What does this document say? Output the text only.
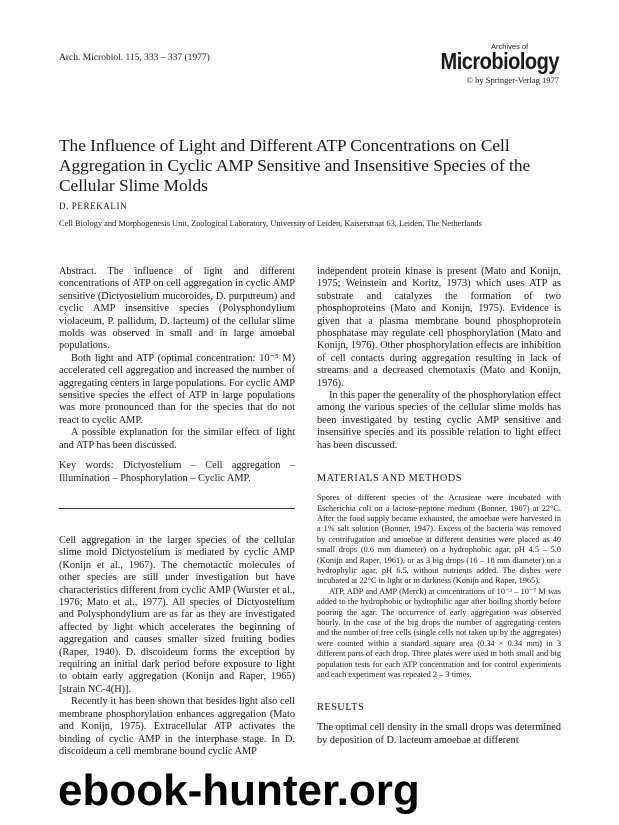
Arch. Microbiol. 115, 333 – 337 (1977)
Archives of
Microbiology
© by Springer-Verlag 1977
The Influence of Light and Different ATP Concentrations on Cell Aggregation in Cyclic AMP Sensitive and Insensitive Species of the Cellular Slime Molds
D. PEREKALIN
Cell Biology and Morphogenesis Unit, Zoological Laboratory, University of Leiden, Kaiserstraat 63, Leiden, The Netherlands

Abstract. The influence of light and different concentrations of ATP on cell aggregation in cyclic AMP sensitive (Dictyostelium mucoroides, D. purpureum) and cyclic AMP insensitive species (Polysphondylium violaceum, P. pallidum, D. lacteum) of the cellular slime molds was observed in small and in large amoebal populations.

Both light and ATP (optimal concentration: 10⁻⁵ M) accelerated cell aggregation and increased the number of aggregating centers in large populations. For cyclic AMP sensitive species the effect of ATP in large populations was more pronounced than for the species that do not react to cyclic AMP.

A possible explanation for the similar effect of light and ATP has been discussed.

Key words: Dictyostelium – Cell aggregation – Illumination – Phosphorylation – Cyclic AMP.

Cell aggregation in the larger species of the cellular slime mold Dictyostelium is mediated by cyclic AMP (Konijn et al., 1967). The chemotactic molecules of other species are still under investigation but have characteristics different from cyclic AMP (Wurster et al., 1976; Mato et al., 1977). All species of Dictyostelium and Polysphondylium are as far as they are investigated affected by light which accelerates the beginning of aggregation and causes smaller sized fruiting bodies (Raper, 1940). D. discoideum forms the exception by requiring an initial dark period before exposure to light to obtain early aggregation (Konijn and Raper, 1965) [strain NC-4(H)].

Recently it has been shown that besides light also cell membrane phosphorylation enhances aggregation (Mato and Konijn, 1975). Extracellular ATP activates the binding of cyclic AMP in the interphase stage. In D. discoideum a cell membrane bound cyclic AMP

independent protein kinase is present (Mato and Konijn, 1975; Weinstein and Koritz, 1973) which uses ATP as substrate and catalyzes the formation of two phosphoproteins (Mato and Konijn, 1975). Evidence is given that a plasma membrane bound phosphoprotein phosphatase may regulate cell phosphorylation (Mato and Konijn, 1976). Other phosphorylation effects are inhibition of cell contacts during aggregation resulting in lack of streams and a decreased chemotaxis (Mato and Konijn, 1976).

In this paper the generality of the phosphorylation effect among the various species of the cellular slime molds has been investigated by testing cyclic AMP sensitive and insensitive species and its possible relation to light effect has been discussed.

MATERIALS AND METHODS

Spores of different species of the Acrasieae were incubated with Escherichia coli on a lactose-peptone medium (Bonner, 1967) at 22°C. After the food supply became exhausted, the amoebae were harvested in a 1% salt solution (Bonner, 1947). Excess of the bacteria was removed by centrifugation and amoebae at different densities were placed as 40 small drops (0.6 mm diameter) on a hydrophobic agar, pH 4.5 – 5.0 (Konijn and Raper, 1961), or as 3 big drops (16 – 18 mm diameter) on a hydrophylic agar, pH 6.5, without nutrients added. The dishes were incubated at 22°C in light or in darkness (Konijn and Raper, 1965).

ATP, ADP and AMP (Merck) at concentrations of 10⁻³ – 10⁻⁷ M was added to the hydrophobic or hydrophilic agar after boiling shortly before pooring the agar. The occurrence of early aggregation was observed hourly. In the case of the big drops the number of aggregating centers and the number of free cells (single cells not taken up by the aggregates) were counted within a standard square area (0.34 × 0.34 mm) in 3 different parts of each drop. Three plates were used in both small and big population tests for each ATP concentration and for control experiments and each experiment was repeated 2 – 3 times.

RESULTS

The optimal cell density in the small drops was determined by deposition of D. lacteum amoebae at different

ebook-hunter.org
